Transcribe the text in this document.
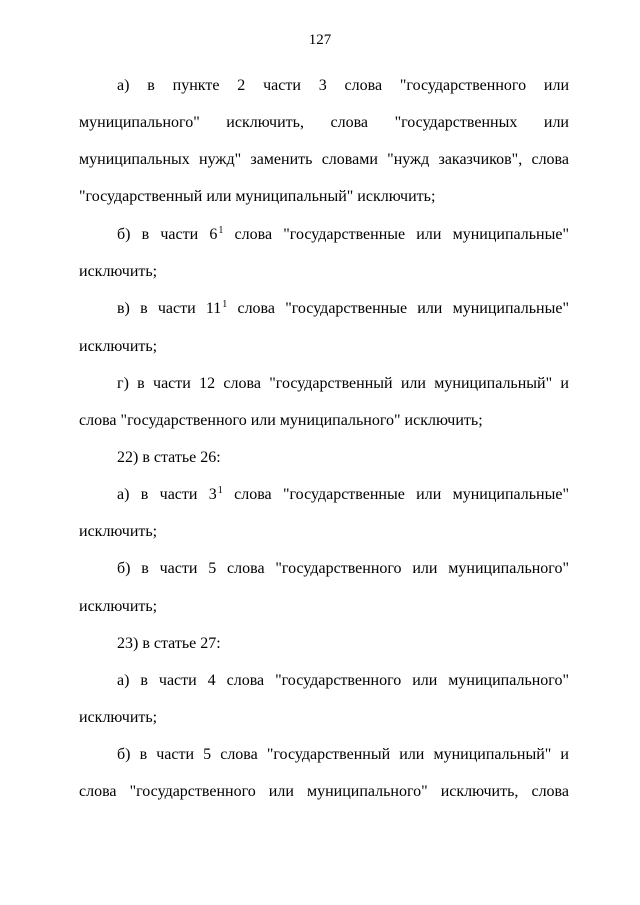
127
а) в пункте 2 части 3 слова "государственного или
муниципального" исключить, слова "государственных или
муниципальных нужд" заменить словами "нужд заказчиков", слова
"государственный или муниципальный" исключить;
б) в части $6^1$ слова "государственные или муниципальные"
исключить;
в) в части $11^1$ слова "государственные или муниципальные"
исключить;
г) в части 12 слова "государственный или муниципальный" и
слова "государственного или муниципального" исключить;
22) в статье 26:
а) в части $3^1$ слова "государственные или муниципальные"
исключить;
б) в части 5 слова "государственного или муниципального"
исключить;
23) в статье 27:
а) в части 4 слова "государственного или муниципального"
исключить;
б) в части 5 слова "государственный или муниципальный" и
слова "государственного или муниципального" исключить, слова
